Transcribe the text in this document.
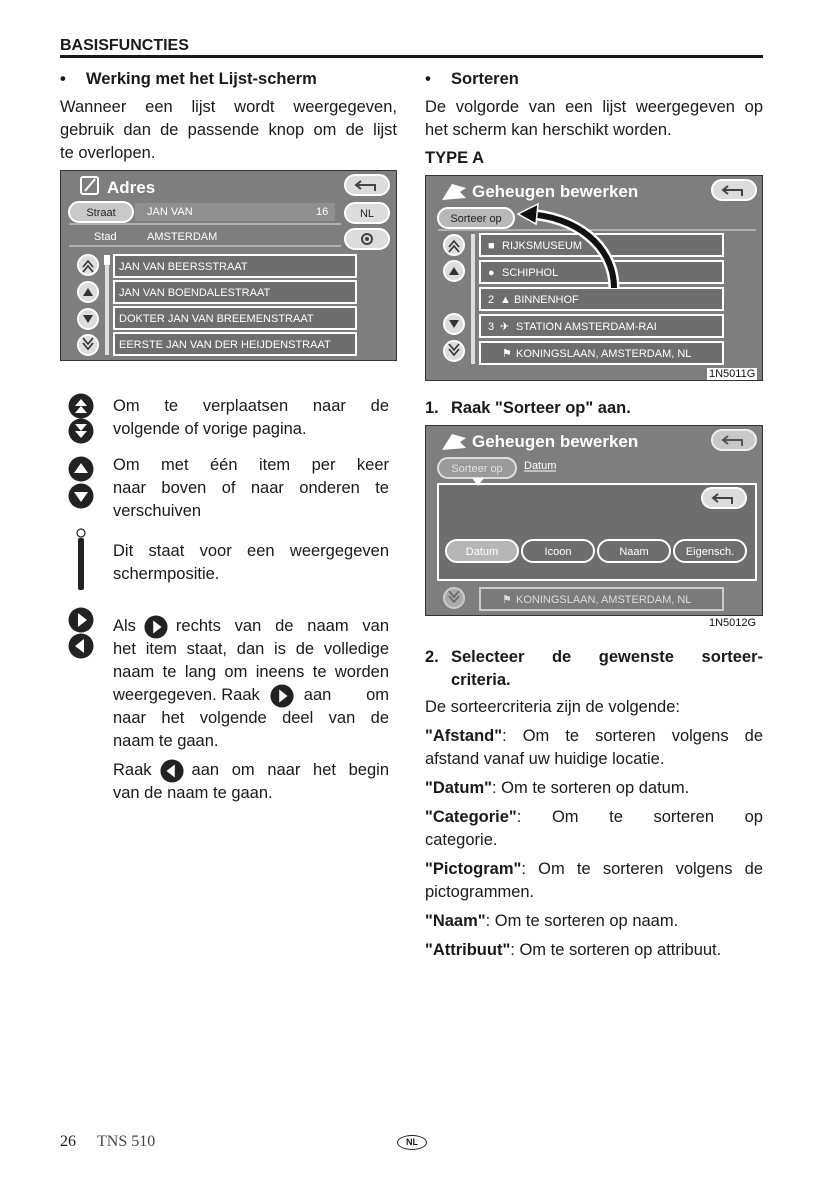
BASISFUNCTIES
• Werking met het Lijst-scherm
Wanneer een lijst wordt weergegeven,
gebruik dan de passende knop om de lijst
te overlopen.
Adres
Straat	JAN VAN	16	NL
Stad	AMSTERDAM
JAN VAN BEERSSTRAAT
JAN VAN BOENDALESTRAAT
DOKTER JAN VAN BREEMENSTRAAT
EERSTE JAN VAN DER HEIJDENSTRAAT
Om te verplaatsen naar de
volgende of vorige pagina.
Om met één item per keer
naar boven of naar onderen te
verschuiven
Dit staat voor een weergegeven
schermpositie.
Als rechts van de naam van
het item staat, dan is de volledige
naam te lang om ineens te worden
weergegeven. Raak	aan om
naar het volgende deel van de
naam te gaan.
Raak aan om naar het begin
van de naam te gaan.
• Sorteren
De volgorde van een lijst weergegeven op
het scherm kan herschikt worden.
TYPE A
Geheugen bewerken
Sorteer op
■ RIJKSMUSEUM
● SCHIPHOL
2 ▲ BINNENHOF
3 ✈ STATION AMSTERDAM-RAI
⚑ KONINGSLAAN, AMSTERDAM, NL
1N5011G
1. Raak "Sorteer op" aan.
Geheugen bewerken
Sorteer op Datum
Datum	Icoon	Naam	Eigensch.
⚑ KONINGSLAAN, AMSTERDAM, NL
1N5012G
2. Selecteer de gewenste sorteer-
criteria.
De sorteercriteria zijn de volgende:
"Afstand": Om te sorteren volgens de
afstand vanaf uw huidige locatie.
"Datum": Om te sorteren op datum.
"Categorie": Om te sorteren op
categorie.
"Pictogram": Om te sorteren volgens de
pictogrammen.
"Naam": Om te sorteren op naam.
"Attribuut": Om te sorteren op attribuut.
26 TNS 510	NL
